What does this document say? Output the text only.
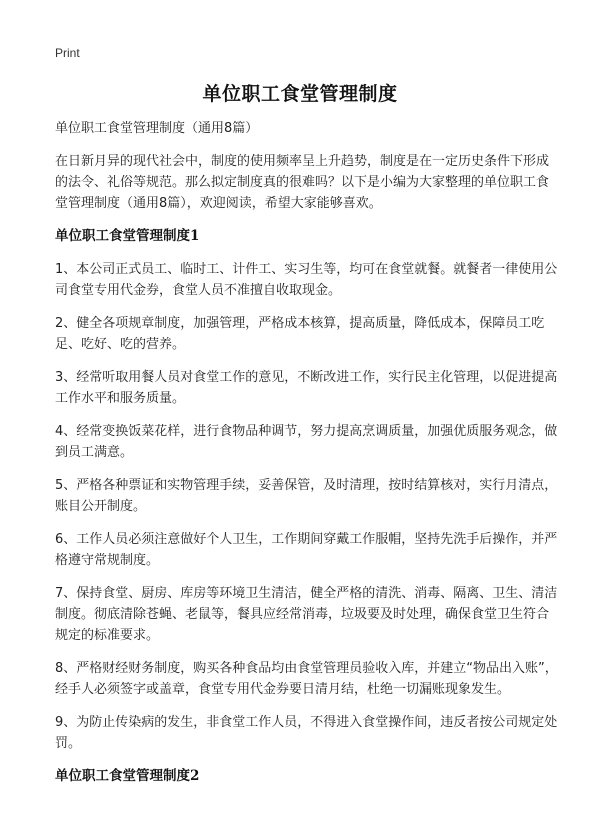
Print
单位职工食堂管理制度

单位职工食堂管理制度（通用8篇）

在日新月异的现代社会中，制度的使用频率呈上升趋势，制度是在一定历史条件下形成的法令、礼俗等规范。那么拟定制度真的很难吗？以下是小编为大家整理的单位职工食堂管理制度（通用8篇），欢迎阅读，希望大家能够喜欢。

单位职工食堂管理制度1

1、本公司正式员工、临时工、计件工、实习生等，均可在食堂就餐。就餐者一律使用公司食堂专用代金券，食堂人员不准擅自收取现金。

2、健全各项规章制度，加强管理，严格成本核算，提高质量，降低成本，保障员工吃足、吃好、吃的营养。

3、经常听取用餐人员对食堂工作的意见，不断改进工作，实行民主化管理，以促进提高工作水平和服务质量。

4、经常变换饭菜花样，进行食物品种调节，努力提高烹调质量，加强优质服务观念，做到员工满意。

5、严格各种票证和实物管理手续，妥善保管，及时清理，按时结算核对，实行月清点，账目公开制度。

6、工作人员必须注意做好个人卫生，工作期间穿戴工作服帽，坚持先洗手后操作，并严格遵守常规制度。

7、保持食堂、厨房、库房等环境卫生清洁，健全严格的清洗、消毒、隔离、卫生、清洁制度。彻底清除苍蝇、老鼠等，餐具应经常消毒，垃圾要及时处理，确保食堂卫生符合规定的标准要求。

8、严格财经财务制度，购买各种食品均由食堂管理员验收入库，并建立“物品出入账”，经手人必须签字或盖章，食堂专用代金券要日清月结，杜绝一切漏账现象发生。

9、为防止传染病的发生，非食堂工作人员，不得进入食堂操作间，违反者按公司规定处罚。

单位职工食堂管理制度2
